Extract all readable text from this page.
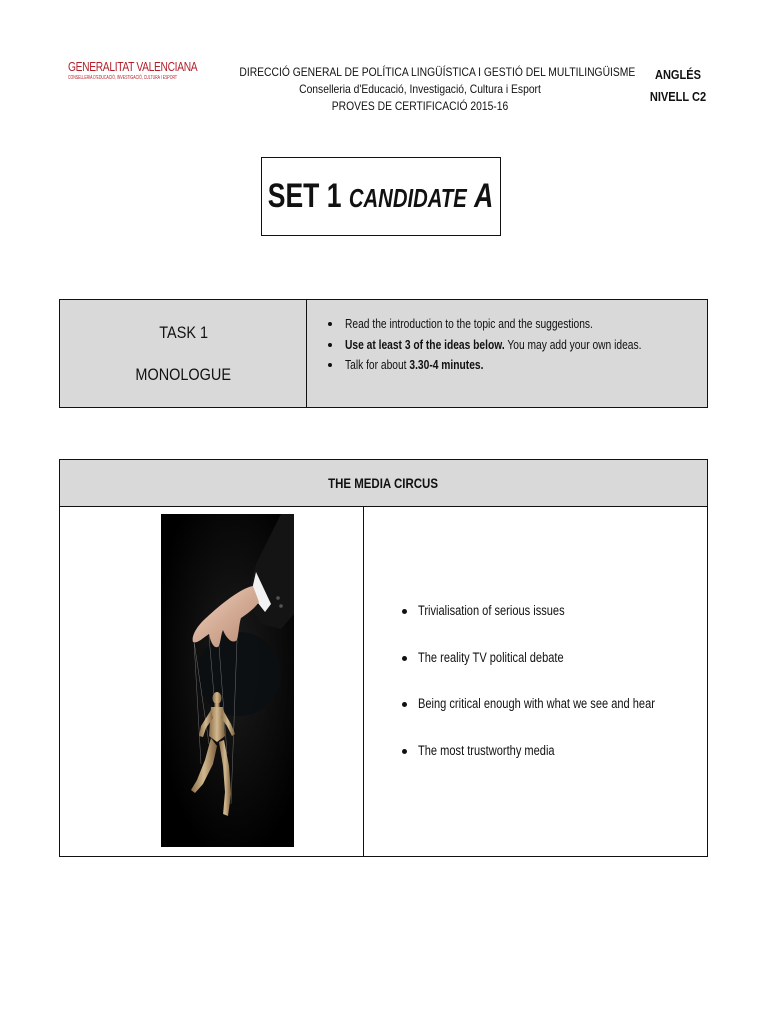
GENERALITAT VALENCIANA
CONSELLERIA D'EDUCACIÓ, INVESTIGACIÓ, CULTURA I ESPORT	DIRECCIÓ GENERAL DE POLÍTICA LINGÜÍSTICA I GESTIÓ DEL MULTILINGÜISME
Conselleria d'Educació, Investigació, Cultura i Esport
PROVES DE CERTIFICACIÓ 2015-16
ANGLÉS
NIVELL C2
SET 1 CANDIDATE A
TASK 1
MONOLOGUE
Read the introduction to the topic and the suggestions.
Use at least 3 of the ideas below. You may add your own ideas.
Talk for about 3.30-4 minutes.
THE MEDIA CIRCUS
Trivialisation of serious issues
The reality TV political debate
Being critical enough with what we see and hear
The most trustworthy media
